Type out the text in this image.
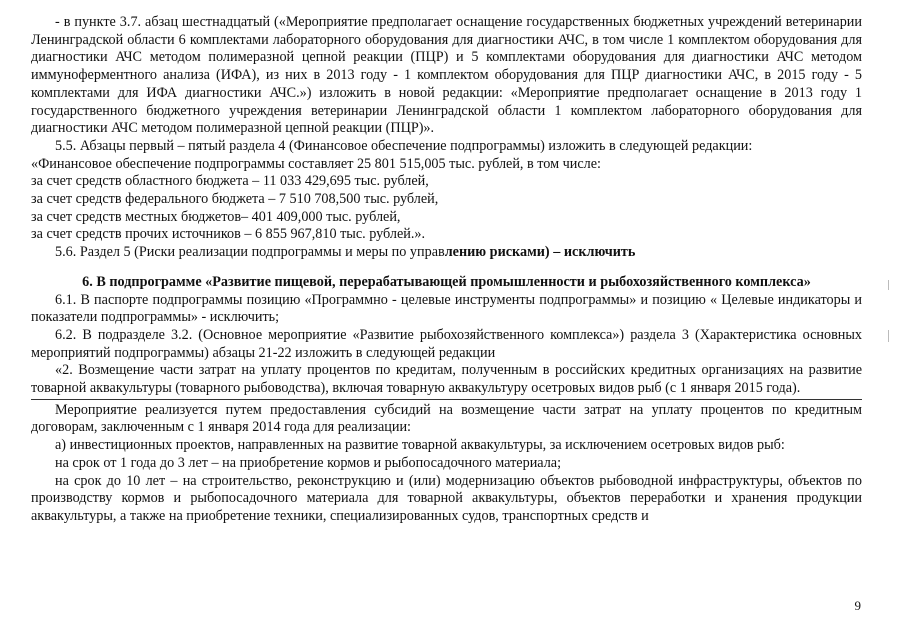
- в пункте 3.7. абзац шестнадцатый («Мероприятие предполагает оснащение государственных бюджетных учреждений ветеринарии Ленинградской области 6 комплектами лабораторного оборудования для диагностики АЧС, в том числе 1 комплектом оборудования для диагностики АЧС методом полимеразной цепной реакции (ПЦР) и 5 комплектами оборудования для диагностики АЧС методом иммуноферментного анализа (ИФА), из них в 2013 году - 1 комплектом оборудования для ПЦР диагностики АЧС, в 2015 году - 5 комплектами для ИФА диагностики АЧС.») изложить в новой редакции: «Мероприятие предполагает оснащение в 2013 году 1 государственного бюджетного учреждения ветеринарии Ленинградской области 1 комплектом лабораторного оборудования для диагностики АЧС методом полимеразной цепной реакции (ПЦР)».

5.5. Абзацы первый – пятый раздела 4 (Финансовое обеспечение подпрограммы) изложить в следующей редакции:

«Финансовое обеспечение подпрограммы составляет 25 801 515,005 тыс. рублей, в том числе:

за счет средств областного бюджета – 11 033 429,695 тыс. рублей,

за счет средств федерального бюджета – 7 510 708,500 тыс. рублей,

за счет средств местных бюджетов– 401 409,000 тыс. рублей,

за счет средств прочих источников – 6 855 967,810 тыс. рублей.».

5.6. Раздел 5 (Риски реализации подпрограммы и меры по управлению рисками) – исключить

6. В подпрограмме «Развитие пищевой, перерабатывающей промышленности и рыбохозяйственного комплекса»

6.1. В паспорте подпрограммы позицию «Программно - целевые инструменты подпрограммы» и позицию « Целевые индикаторы и показатели подпрограммы» - исключить;

6.2. В подразделе 3.2. (Основное мероприятие «Развитие рыбохозяйственного комплекса») раздела 3 (Характеристика основных мероприятий подпрограммы) абзацы 21-22 изложить в следующей редакции

«2. Возмещение части затрат на уплату процентов по кредитам, полученным в российских кредитных организациях на развитие товарной аквакультуры (товарного рыбоводства), включая товарную аквакультуру осетровых видов рыб (с 1 января 2015 года).

Мероприятие реализуется путем предоставления субсидий на возмещение части затрат на уплату процентов по кредитным договорам, заключенным с 1 января 2014 года для реализации:

а) инвестиционных проектов, направленных на развитие товарной аквакультуры, за исключением осетровых видов рыб:

на срок от 1 года до 3 лет – на приобретение кормов и рыбопосадочного материала;

на срок до 10 лет – на строительство, реконструкцию и (или) модернизацию объектов рыбоводной инфраструктуры, объектов по производству кормов и рыбопосадочного материала для товарной аквакультуры, объектов переработки и хранения продукции аквакультуры, а также на приобретение техники, специализированных судов, транспортных средств и

9
